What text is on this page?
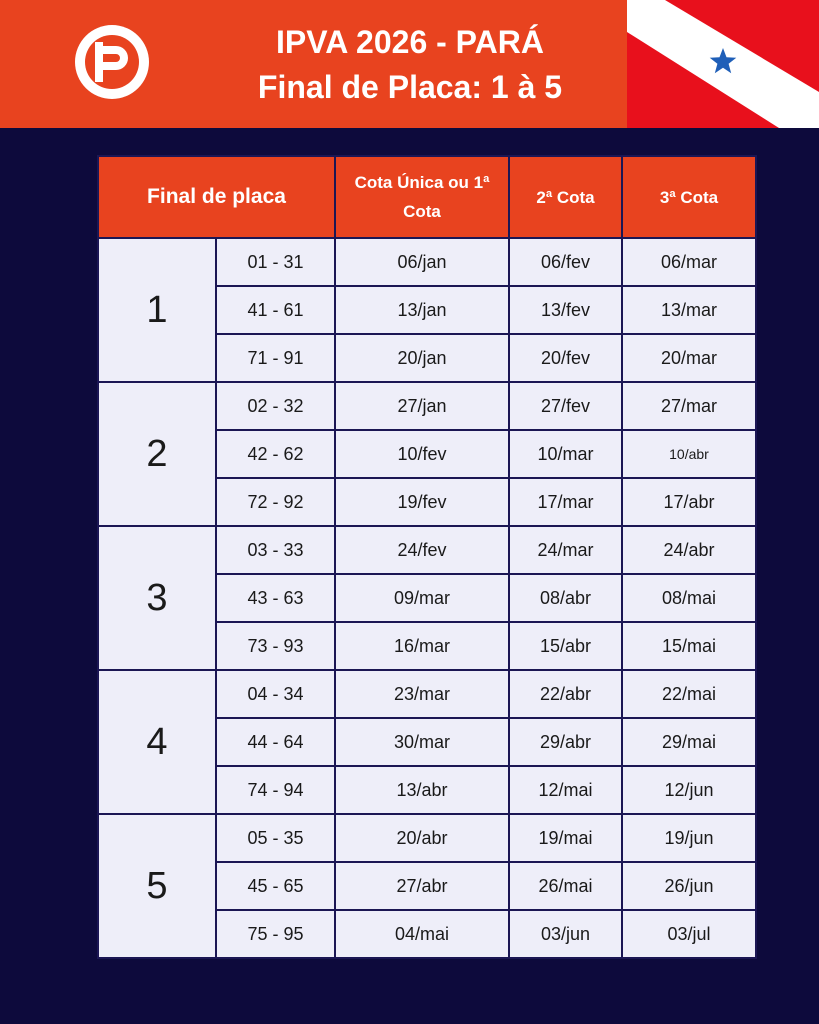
IPVA 2026 - PARÁ
Final de Placa: 1 à 5
Final de placa		Cota Única ou 1ª Cota	2ª Cota	3ª Cota
1	01 - 31	06/jan	06/fev	06/mar
	41 - 61	13/jan	13/fev	13/mar
	71 - 91	20/jan	20/fev	20/mar
2	02 - 32	27/jan	27/fev	27/mar
	42 - 62	10/fev	10/mar	10/abr
	72 - 92	19/fev	17/mar	17/abr
3	03 - 33	24/fev	24/mar	24/abr
	43 - 63	09/mar	08/abr	08/mai
	73 - 93	16/mar	15/abr	15/mai
4	04 - 34	23/mar	22/abr	22/mai
	44 - 64	30/mar	29/abr	29/mai
	74 - 94	13/abr	12/mai	12/jun
5	05 - 35	20/abr	19/mai	19/jun
	45 - 65	27/abr	26/mai	26/jun
	75 - 95	04/mai	03/jun	03/jul
